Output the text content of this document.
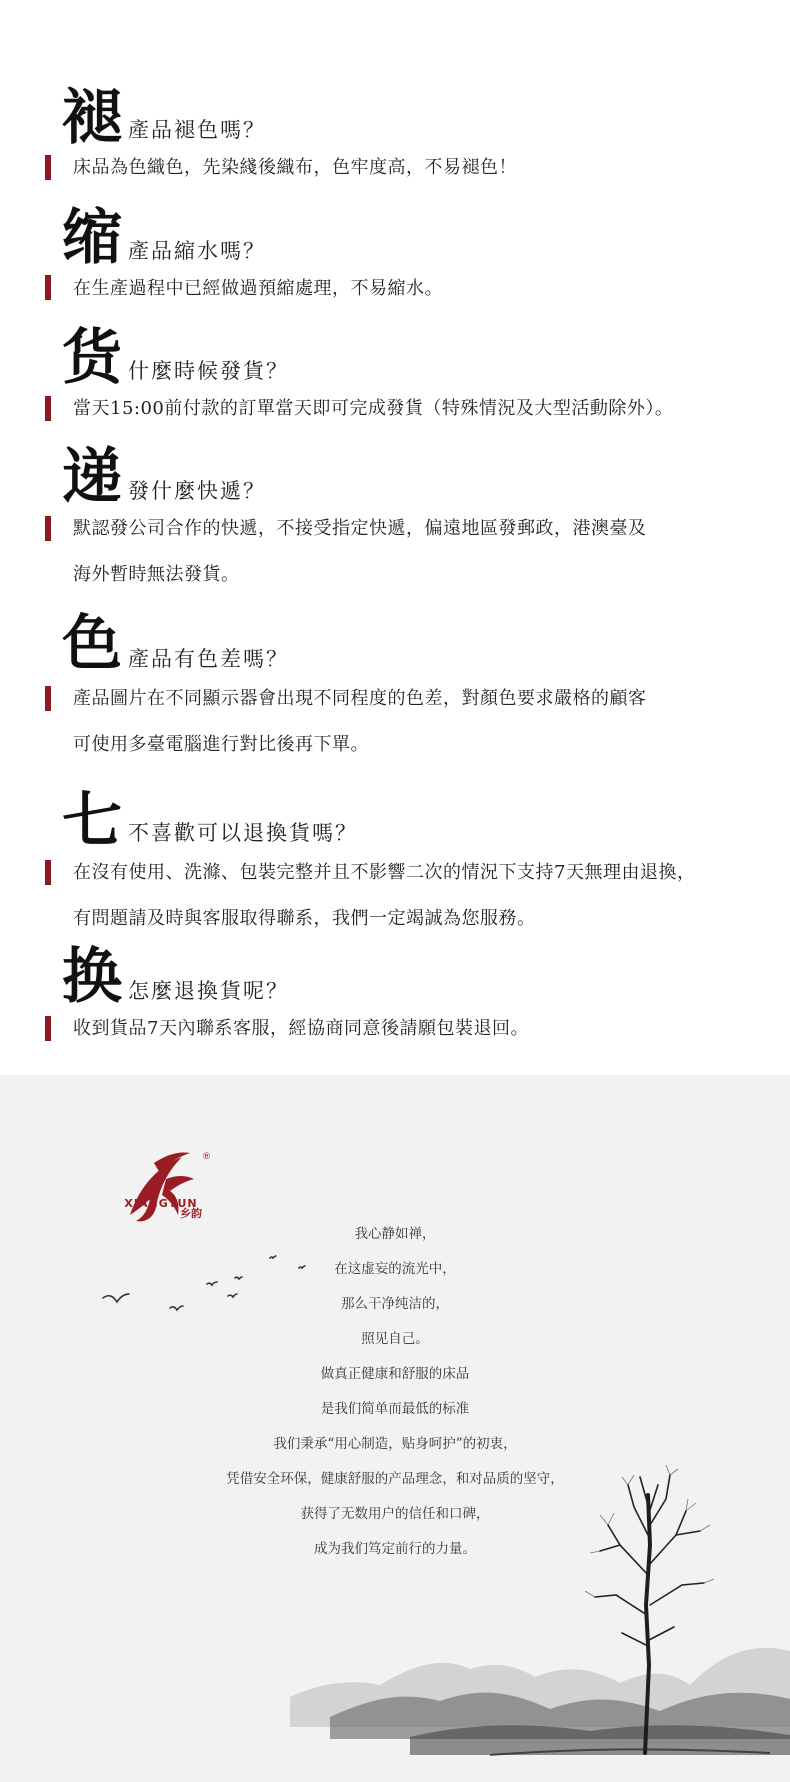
褪 產品褪色嗎？
床品為色織色，先染綫後織布，色牢度高，不易褪色！
缩 產品縮水嗎？
在生產過程中已經做過預縮處理，不易縮水。
货 什麼時候發貨？
當天15:00前付款的訂單當天即可完成發貨（特殊情況及大型活動除外）。
递 發什麼快遞？
默認發公司合作的快遞，不接受指定快遞，偏遠地區發郵政，港澳臺及
海外暫時無法發貨。
色 產品有色差嗎？
產品圖片在不同顯示器會出現不同程度的色差，對顏色要求嚴格的顧客
可使用多臺電腦進行對比後再下單。
七 不喜歡可以退換貨嗎？
在沒有使用、洗滌、包裝完整并且不影響二次的情況下支持7天無理由退換，
有問題請及時與客服取得聯系，我們一定竭誠為您服務。
换 怎麼退換貨呢？
收到貨品7天內聯系客服，經協商同意後請願包裝退回。
乡韵
®
XIANGYUN
我心静如禅，
在这虚妄的流光中，
那么干净纯洁的，
照见自己。
做真正健康和舒服的床品
是我们简单而最低的标准
我们秉承“用心制造，贴身呵护”的初衷，
凭借安全环保，健康舒服的产品理念，和对品质的坚守，
获得了无数用户的信任和口碑，
成为我们笃定前行的力量。
